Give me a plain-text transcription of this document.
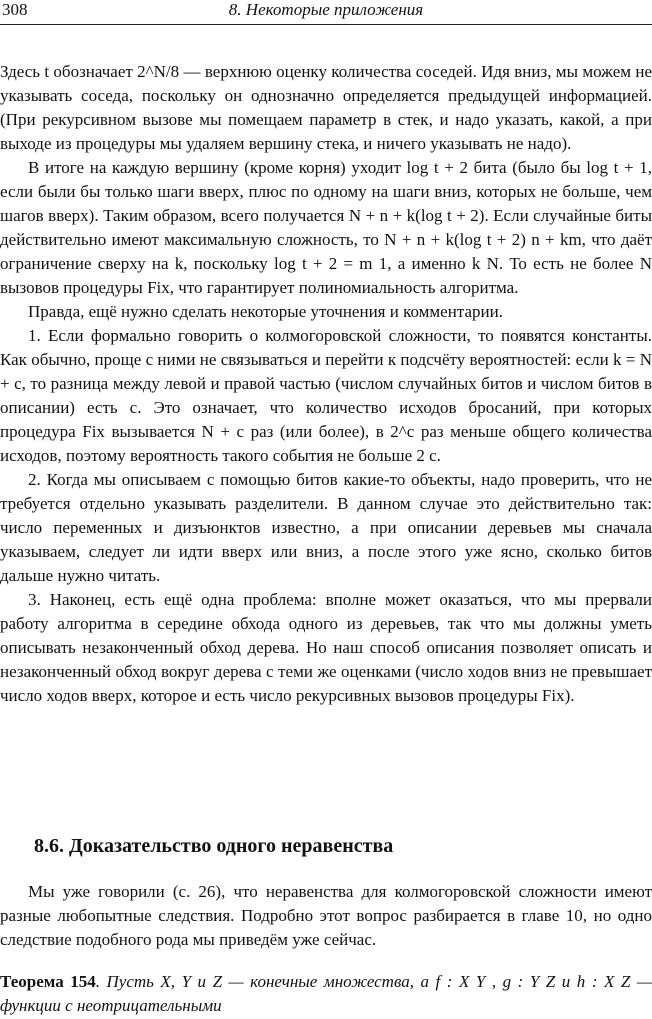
308	8. Некоторые приложения

Здесь t обозначает 2^N/8 — верхнюю оценку количества соседей. Идя вниз, мы можем не указывать соседа, поскольку он однозначно определяется предыдущей информацией. (При рекурсивном вызове мы помещаем параметр в стек, и надо указать, какой, а при выходе из процедуры мы удаляем вершину стека, и ничего указывать не надо).

В итоге на каждую вершину (кроме корня) уходит log t + 2 бита (было бы log t + 1, если были бы только шаги вверх, плюс по одному на шаги вниз, которых не больше, чем шагов вверх). Таким образом, всего получается N + n + k(log t + 2). Если случайные биты действительно имеют максимальную сложность, то N + n + k(log t + 2) n + km, что даёт ограничение сверху на k, поскольку log t + 2 = m 1, а именно k N. То есть не более N вызовов процедуры Fix, что гарантирует полиномиальность алгоритма.

Правда, ещё нужно сделать некоторые уточнения и комментарии.

1. Если формально говорить о колмогоровской сложности, то появятся константы. Как обычно, проще с ними не связываться и перейти к подсчёту вероятностей: если k = N + c, то разница между левой и правой частью (числом случайных битов и числом битов в описании) есть c. Это означает, что количество исходов бросаний, при которых процедура Fix вызывается N + c раз (или более), в 2^c раз меньше общего количества исходов, поэтому вероятность такого события не больше 2 c.

2. Когда мы описываем с помощью битов какие-то объекты, надо проверить, что не требуется отдельно указывать разделители. В данном случае это действительно так: число переменных и дизъюнктов известно, а при описании деревьев мы сначала указываем, следует ли идти вверх или вниз, а после этого уже ясно, сколько битов дальше нужно читать.

3. Наконец, есть ещё одна проблема: вполне может оказаться, что мы прервали работу алгоритма в середине обхода одного из деревьев, так что мы должны уметь описывать незаконченный обход дерева. Но наш способ описания позволяет описать и незаконченный обход вокруг дерева с теми же оценками (число ходов вниз не превышает число ходов вверх, которое и есть число рекурсивных вызовов процедуры Fix).

8.6. Доказательство одного неравенства

Мы уже говорили (с. 26), что неравенства для колмогоровской сложности имеют разные любопытные следствия. Подробно этот вопрос разбирается в главе 10, но одно следствие подобного рода мы приведём уже сейчас.

Теорема 154. Пусть X, Y и Z — конечные множества, а f : X Y , g : Y Z и h : X Z — функции с неотрицательными
